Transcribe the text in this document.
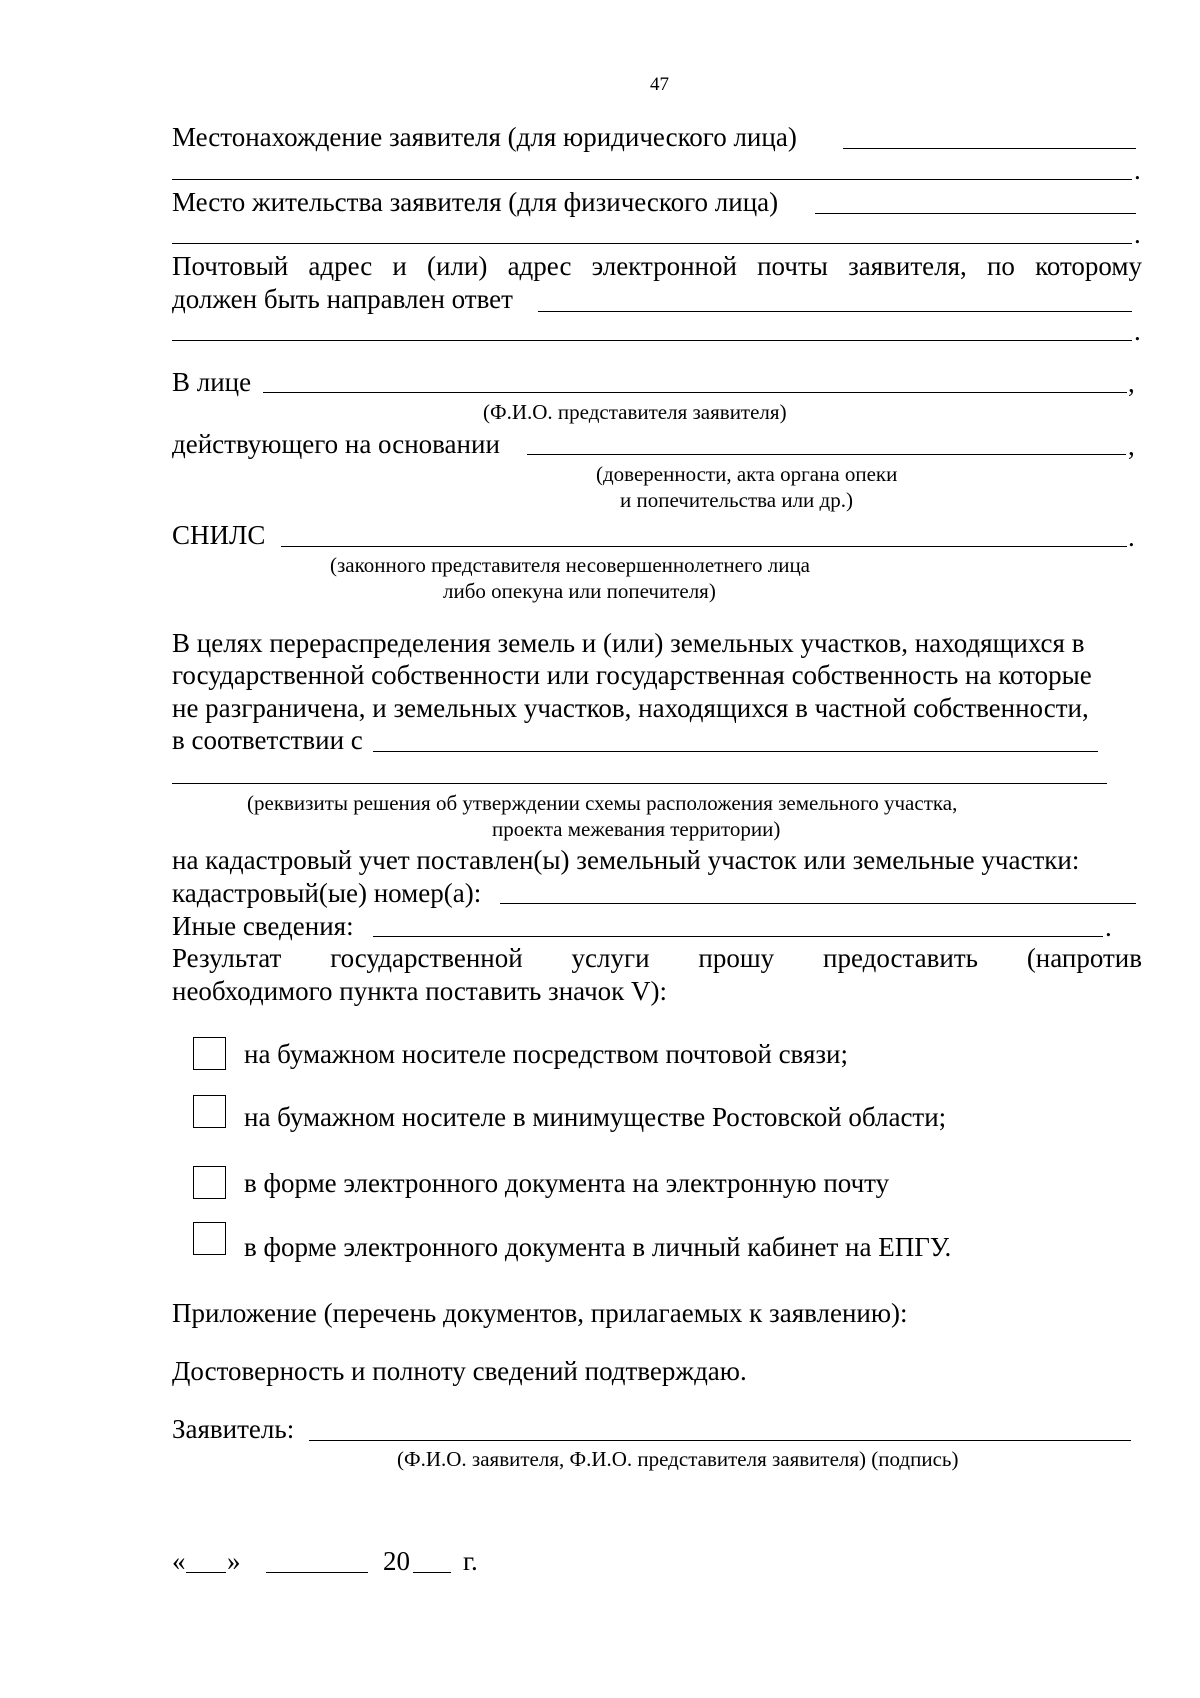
47
Местонахождение заявителя (для юридического лица)
.
Место жительства заявителя (для физического лица)
.
Почтовый адрес и (или) адрес электронной почты заявителя, по которому
должен быть направлен ответ
.
В лице	,
(Ф.И.О. представителя заявителя)
действующего на основании	,
(доверенности, акта органа опеки
и попечительства или др.)
СНИЛС	.
(законного представителя несовершеннолетнего лица
либо опекуна или попечителя)
В целях перераспределения земель и (или) земельных участков, находящихся в
государственной собственности или государственная собственность на которые
не разграничена, и земельных участков, находящихся в частной собственности,
в соответствии с
(реквизиты решения об утверждении схемы расположения земельного участка,
проекта межевания территории)
на кадастровый учет поставлен(ы) земельный участок или земельные участки:
кадастровый(ые) номер(а):
Иные сведения:	.
Результат государственной услуги прошу предоставить (напротив
необходимого пункта поставить значок V):
на бумажном носителе посредством почтовой связи;
на бумажном носителе в минимуществе Ростовской области;
в форме электронного документа на электронную почту
в форме электронного документа в личный кабинет на ЕПГУ.
Приложение (перечень документов, прилагаемых к заявлению):
Достоверность и полноту сведений подтверждаю.
Заявитель:
(Ф.И.О. заявителя, Ф.И.О. представителя заявителя) (подпись)
« »	20 г.
